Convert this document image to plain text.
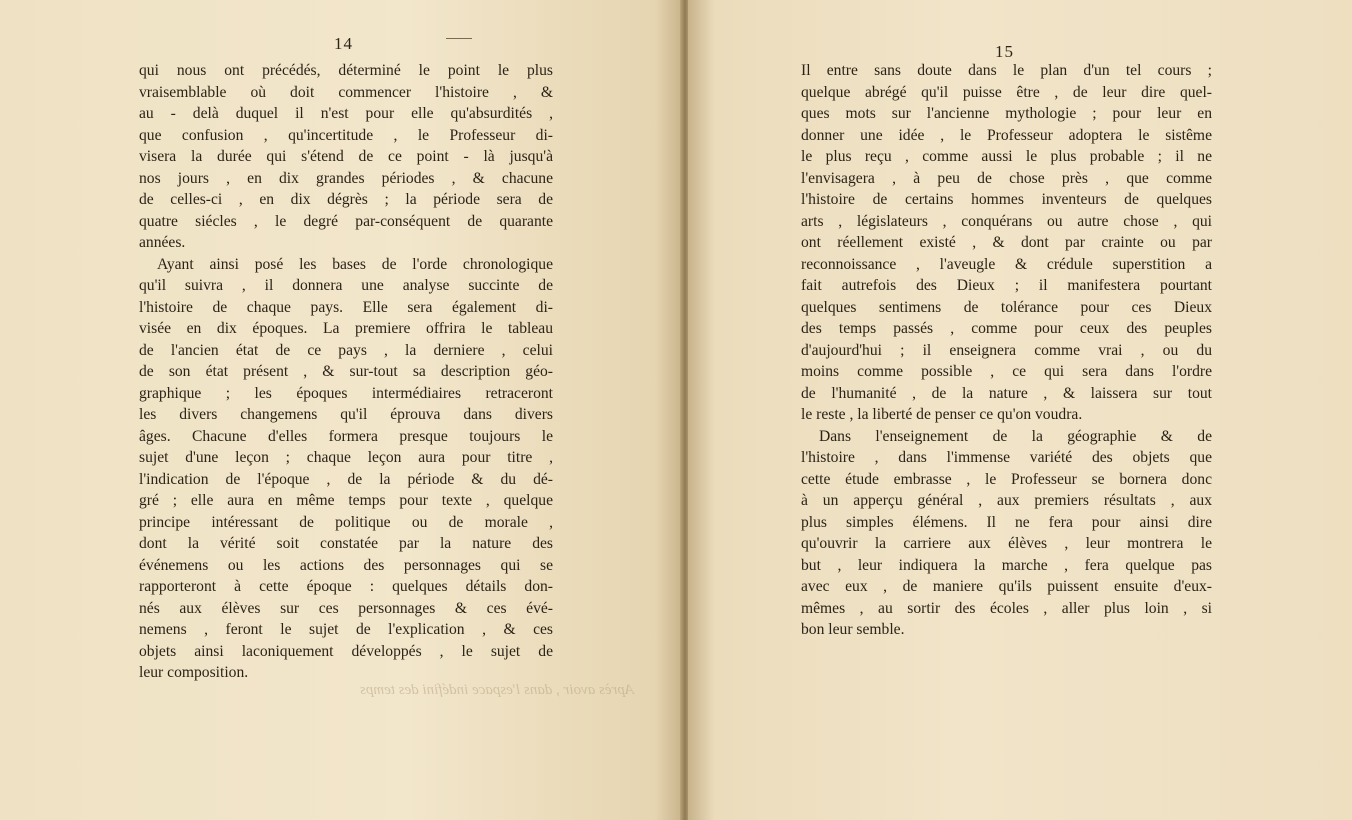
14
qui nous ont précédés, déterminé le point le plus
vraisemblable où doit commencer l'histoire , &
au - delà duquel il n'est pour elle qu'absurdités ,
que confusion , qu'incertitude , le Professeur di-
visera la durée qui s'étend de ce point - là jusqu'à
nos jours , en dix grandes périodes , & chacune
de celles-ci , en dix dégrès ; la période sera de
quatre siécles , le degré par-conséquent de quarante
années.
Ayant ainsi posé les bases de l'orde chronologique
qu'il suivra , il donnera une analyse succinte de
l'histoire de chaque pays. Elle sera également di-
visée en dix époques. La premiere offrira le tableau
de l'ancien état de ce pays , la derniere , celui
de son état présent , & sur-tout sa description géo-
graphique ; les époques intermédiaires retraceront
les divers changemens qu'il éprouva dans divers
âges. Chacune d'elles formera presque toujours le
sujet d'une leçon ; chaque leçon aura pour titre ,
l'indication de l'époque , de la période & du dé-
gré ; elle aura en même temps pour texte , quelque
principe intéressant de politique ou de morale ,
dont la vérité soit constatée par la nature des
événemens ou les actions des personnages qui se
rapporteront à cette époque : quelques détails don-
nés aux élèves sur ces personnages & ces évé-
nemens , feront le sujet de l'explication , & ces
objets ainsi laconiquement développés , le sujet de
leur composition.
Après avoir , dans l'espace indéfini des temps
15
Il entre sans doute dans le plan d'un tel cours ;
quelque abrégé qu'il puisse être , de leur dire quel-
ques mots sur l'ancienne mythologie ; pour leur en
donner une idée , le Professeur adoptera le sistême
le plus reçu , comme aussi le plus probable ; il ne
l'envisagera , à peu de chose près , que comme
l'histoire de certains hommes inventeurs de quelques
arts , législateurs , conquérans ou autre chose , qui
ont réellement existé , & dont par crainte ou par
reconnoissance , l'aveugle & crédule superstition a
fait autrefois des Dieux ; il manifestera pourtant
quelques sentimens de tolérance pour ces Dieux
des temps passés , comme pour ceux des peuples
d'aujourd'hui ; il enseignera comme vrai , ou du
moins comme possible , ce qui sera dans l'ordre
de l'humanité , de la nature , & laissera sur tout
le reste , la liberté de penser ce qu'on voudra.
Dans l'enseignement de la géographie & de
l'histoire , dans l'immense variété des objets que
cette étude embrasse , le Professeur se bornera donc
à un apperçu général , aux premiers résultats , aux
plus simples élémens. Il ne fera pour ainsi dire
qu'ouvrir la carriere aux élèves , leur montrera le
but , leur indiquera la marche , fera quelque pas
avec eux , de maniere qu'ils puissent ensuite d'eux-
mêmes , au sortir des écoles , aller plus loin , si
bon leur semble.
